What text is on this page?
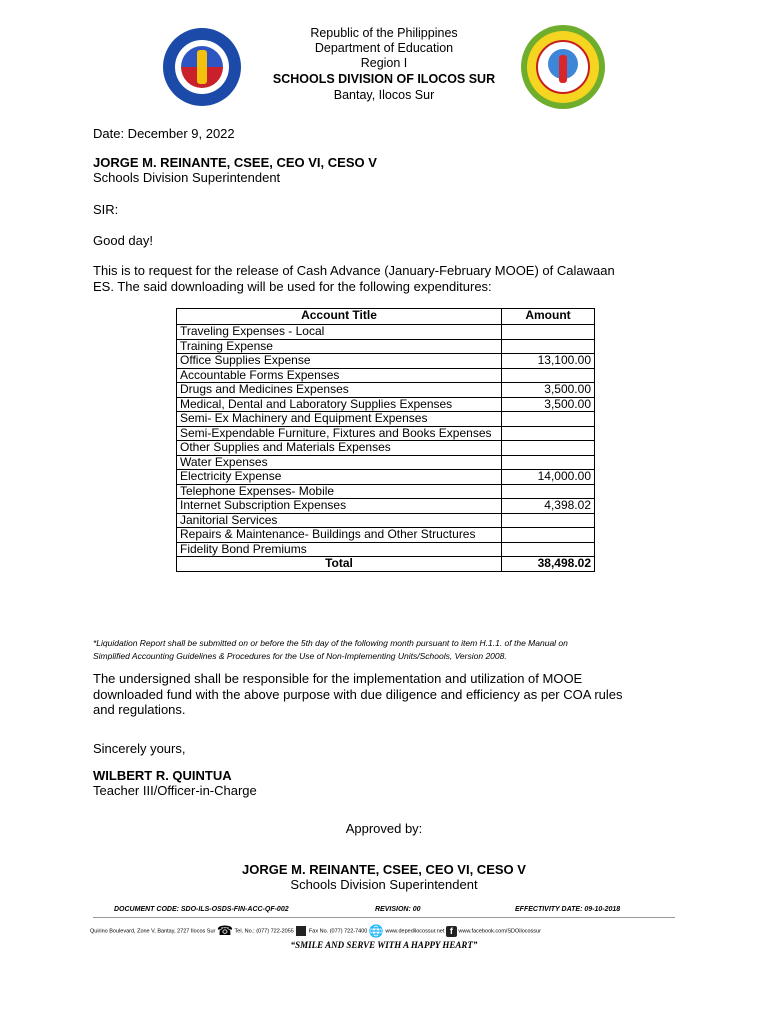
Republic of the Philippines
Department of Education
Region I
SCHOOLS DIVISION OF ILOCOS SUR
Bantay, Ilocos Sur
Date: December 9, 2022
JORGE M. REINANTE, CSEE, CEO VI, CESO V
Schools Division Superintendent
SIR:
Good day!
This is to request for the release of Cash Advance (January-February MOOE) of Calawaan
ES. The said downloading will be used for the following expenditures:
Account Title	Amount
Traveling Expenses - Local	
Training Expense	
Office Supplies Expense	13,100.00
Accountable Forms Expenses	
Drugs and Medicines Expenses	3,500.00
Medical, Dental and Laboratory Supplies Expenses	3,500.00
Semi- Ex Machinery and Equipment Expenses	
Semi-Expendable Furniture, Fixtures and Books Expenses	
Other Supplies and Materials Expenses	
Water Expenses	
Electricity Expense	14,000.00
Telephone Expenses- Mobile	
Internet Subscription Expenses	4,398.02
Janitorial Services	
Repairs & Maintenance- Buildings and Other Structures	
Fidelity Bond Premiums	
Total	38,498.02
*Liquidation Report shall be submitted on or before the 5th day of the following month pursuant to item H.1.1. of the Manual on
Simplified Accounting Guidelines & Procedures for the Use of Non-Implementing Units/Schools, Version 2008.
The undersigned shall be responsible for the implementation and utilization of MOOE
downloaded fund with the above purpose with due diligence and efficiency as per COA rules
and regulations.
Sincerely yours,
WILBERT R. QUINTUA
Teacher III/Officer-in-Charge
Approved by:
JORGE M. REINANTE, CSEE, CEO VI, CESO V
Schools Division Superintendent
DOCUMENT CODE: SDO-ILS-OSDS-FIN-ACC-QF-002	REVISION: 00	EFFECTIVITY DATE: 09-10-2018
Quirino Boulevard, Zone V, Bantay, 2727 Ilocos Sur ☎ Tel. No.: (077) 722-2055	Fax No. (077) 722-7400 🌐 www.depedilocossur.net f www.facebook.com/SDOilocossur
“SMILE AND SERVE WITH A HAPPY HEART”
